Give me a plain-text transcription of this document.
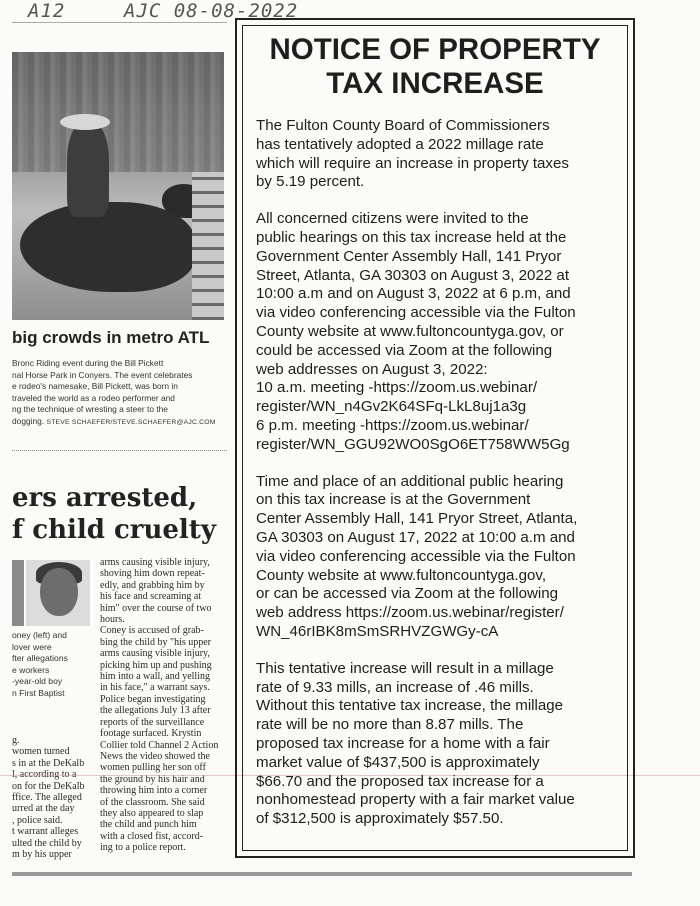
A12	AJC 08-08-2022
big crowds in metro ATL
Bronc Riding event during the Bill Pickett
nal Horse Park in Conyers. The event celebrates
e rodeo's namesake, Bill Pickett, was born in
traveled the world as a rodeo performer and
ng the technique of wresting a steer to the
dogging. STEVE SCHAEFER/STEVE.SCHAEFER@AJC.COM
ers arrested,
f child cruelty
oney (left) and
lover were
fter allegations
e workers
-year-old boy
n First Baptist
g.
women turned
s in at the DeKalb
l, according to a
on for the DeKalb
ffice. The alleged
urred at the day
, police said.
t warrant alleges
ulted the child by
m by his upper
arms causing visible injury,
shoving him down repeat-
edly, and grabbing him by
his face and screaming at
him" over the course of two
hours.
Coney is accused of grab-
bing the child by "his upper
arms causing visible injury,
picking him up and pushing
him into a wall, and yelling
in his face," a warrant says.
Police began investigating
the allegations July 13 after
reports of the surveillance
footage surfaced. Krystin
Collier told Channel 2 Action
News the video showed the
women pulling her son off
the ground by his hair and
throwing him into a corner
of the classroom. She said
they also appeared to slap
the child and punch him
with a closed fist, accord-
ing to a police report.
NOTICE OF PROPERTY
TAX INCREASE
The Fulton County Board of Commissioners
has tentatively adopted a 2022 millage rate
which will require an increase in property taxes
by 5.19 percent.
All concerned citizens were invited to the
public hearings on this tax increase held at the
Government Center Assembly Hall, 141 Pryor
Street, Atlanta, GA 30303 on August 3, 2022 at
10:00 a.m and on August 3, 2022 at 6 p.m, and
via video conferencing accessible via the Fulton
County website at www.fultoncountyga.gov, or
could be accessed via Zoom at the following
web addresses on August 3, 2022:
10 a.m. meeting -https://zoom.us.webinar/
register/WN_n4Gv2K64SFq-LkL8uj1a3g
6 p.m. meeting -https://zoom.us.webinar/
register/WN_GGU92WO0SgO6ET758WW5Gg
Time and place of an additional public hearing
on this tax increase is at the Government
Center Assembly Hall, 141 Pryor Street, Atlanta,
GA 30303 on August 17, 2022 at 10:00 a.m and
via video conferencing accessible via the Fulton
County website at www.fultoncountyga.gov,
or can be accessed via Zoom at the following
web address https://zoom.us.webinar/register/
WN_46rIBK8mSmSRHVZGWGy-cA
This tentative increase will result in a millage
rate of 9.33 mills, an increase of .46 mills.
Without this tentative tax increase, the millage
rate will be no more than 8.87 mills. The
proposed tax increase for a home with a fair
market value of $437,500 is approximately
$66.70 and the proposed tax increase for a
nonhomestead property with a fair market value
of $312,500 is approximately $57.50.
